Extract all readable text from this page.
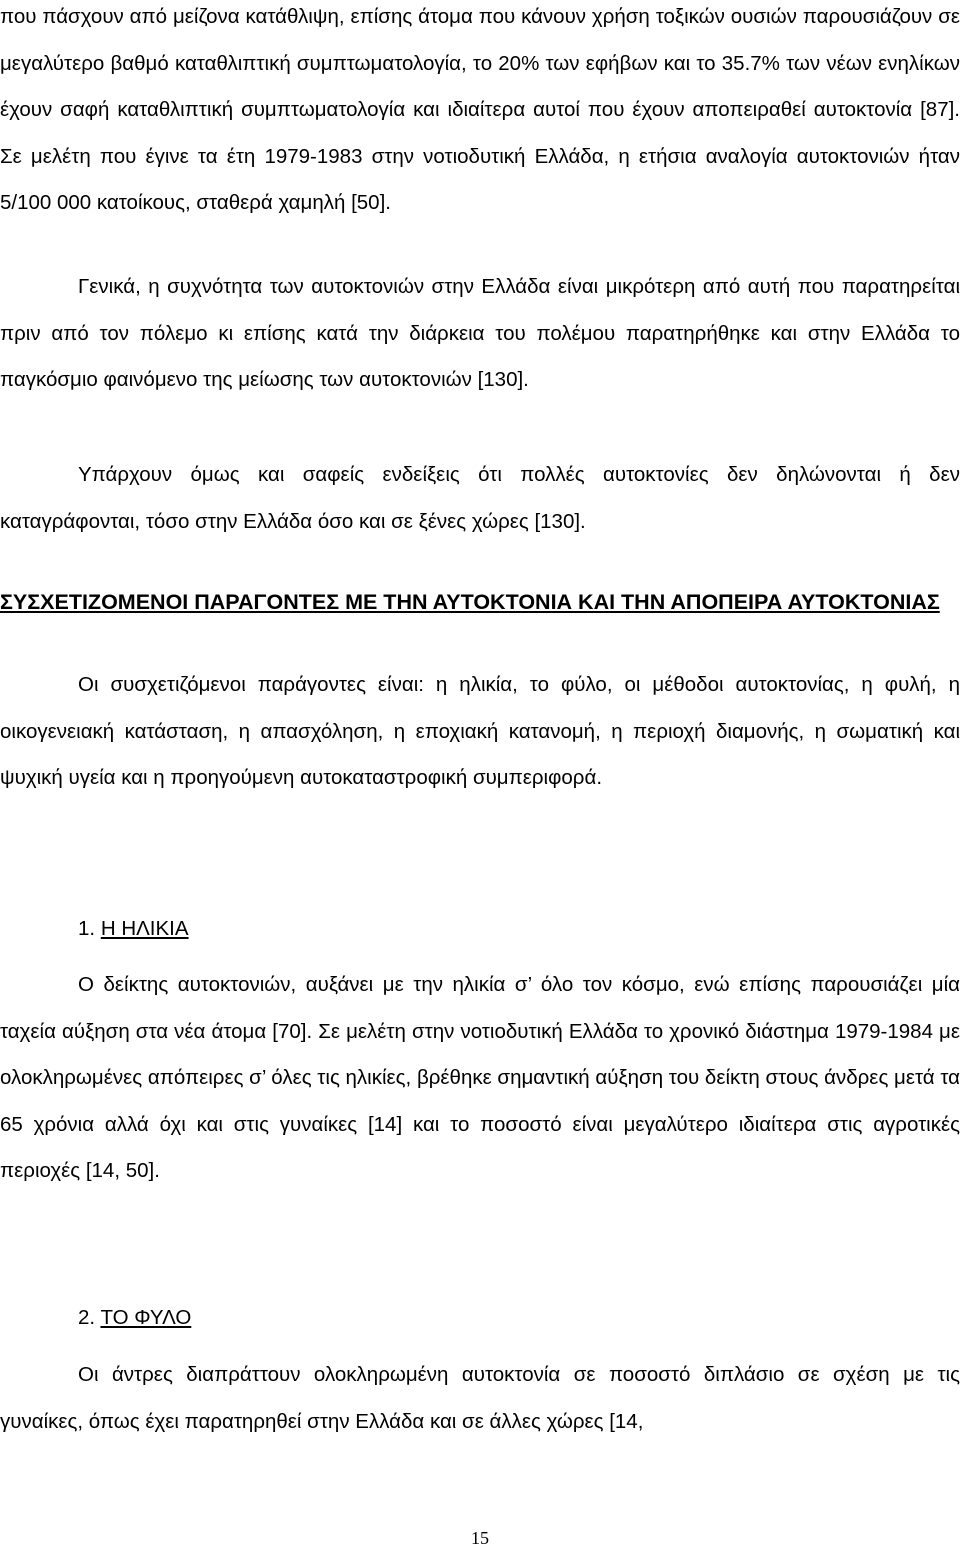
που πάσχουν από μείζονα κατάθλιψη, επίσης άτομα που κάνουν χρήση τοξικών ουσιών παρουσιάζουν σε μεγαλύτερο βαθμό καταθλιπτική συμπτωματολογία, το 20% των εφήβων και το 35.7% των νέων ενηλίκων έχουν σαφή καταθλιπτική συμπτωματολογία και ιδιαίτερα αυτοί που έχουν αποπειραθεί αυτοκτονία [87]. Σε μελέτη που έγινε τα έτη 1979-1983 στην νοτιοδυτική Ελλάδα, η ετήσια αναλογία αυτοκτονιών ήταν 5/100 000 κατοίκους, σταθερά χαμηλή [50].

Γενικά, η συχνότητα των αυτοκτονιών στην Ελλάδα είναι μικρότερη από αυτή που παρατηρείται πριν από τον πόλεμο κι επίσης κατά την διάρκεια του πολέμου παρατηρήθηκε και στην Ελλάδα το παγκόσμιο φαινόμενο της μείωσης των αυτοκτονιών [130].

Υπάρχουν όμως και σαφείς ενδείξεις ότι πολλές αυτοκτονίες δεν δηλώνονται ή δεν καταγράφονται, τόσο στην Ελλάδα όσο και σε ξένες χώρες [130].

ΣΥΣΧΕΤΙΖΟΜΕΝΟΙ ΠΑΡΑΓΟΝΤΕΣ ΜΕ ΤΗΝ ΑΥΤΟΚΤΟΝΙΑ ΚΑΙ ΤΗΝ ΑΠΟΠΕΙΡΑ ΑΥΤΟΚΤΟΝΙΑΣ

Οι συσχετιζόμενοι παράγοντες είναι: η ηλικία, το φύλο, οι μέθοδοι αυτοκτονίας, η φυλή, η οικογενειακή κατάσταση, η απασχόληση, η εποχιακή κατανομή, η περιοχή διαμονής, η σωματική και ψυχική υγεία και η προηγούμενη αυτοκαταστροφική συμπεριφορά.

1. Η ΗΛΙΚΙΑ

Ο δείκτης αυτοκτονιών, αυξάνει με την ηλικία σ’ όλο τον κόσμο, ενώ επίσης παρουσιάζει μία ταχεία αύξηση στα νέα άτομα [70]. Σε μελέτη στην νοτιοδυτική Ελλάδα το χρονικό διάστημα 1979-1984 με ολοκληρωμένες απόπειρες σ’ όλες τις ηλικίες, βρέθηκε σημαντική αύξηση του δείκτη στους άνδρες μετά τα 65 χρόνια αλλά όχι και στις γυναίκες [14] και το ποσοστό είναι μεγαλύτερο ιδιαίτερα στις αγροτικές περιοχές [14, 50].

2. ΤΟ ΦΥΛΟ

Οι άντρες διαπράττουν ολοκληρωμένη αυτοκτονία σε ποσοστό διπλάσιο σε σχέση με τις γυναίκες, όπως έχει παρατηρηθεί στην Ελλάδα και σε άλλες χώρες [14,

15
